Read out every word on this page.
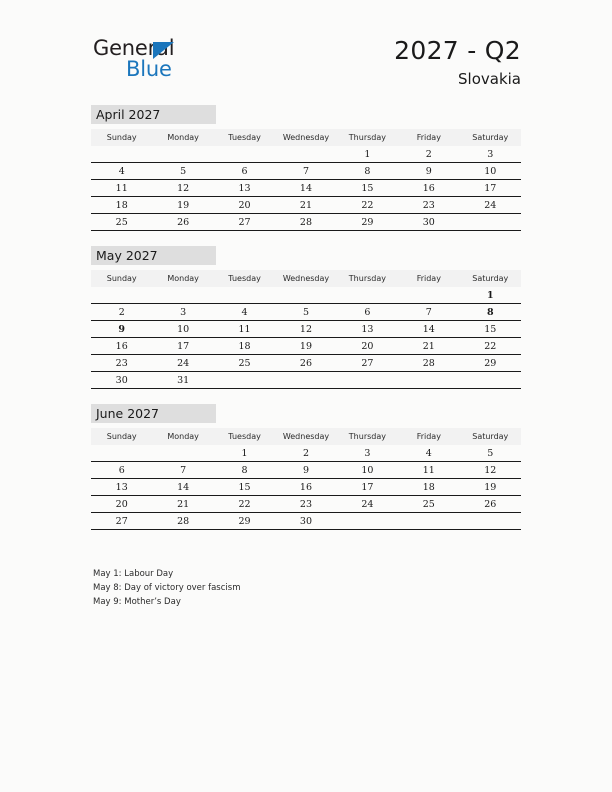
General
Blue
2027 - Q2
Slovakia
April 2027
Sunday	Monday	Tuesday	Wednesday	Thursday	Friday	Saturday
				1	2	3
4	5	6	7	8	9	10
11	12	13	14	15	16	17
18	19	20	21	22	23	24
25	26	27	28	29	30	
May 2027
Sunday	Monday	Tuesday	Wednesday	Thursday	Friday	Saturday
						1
2	3	4	5	6	7	8
9	10	11	12	13	14	15
16	17	18	19	20	21	22
23	24	25	26	27	28	29
30	31					
June 2027
Sunday	Monday	Tuesday	Wednesday	Thursday	Friday	Saturday
		1	2	3	4	5
6	7	8	9	10	11	12
13	14	15	16	17	18	19
20	21	22	23	24	25	26
27	28	29	30			
May 1: Labour Day
May 8: Day of victory over fascism
May 9: Mother’s Day
